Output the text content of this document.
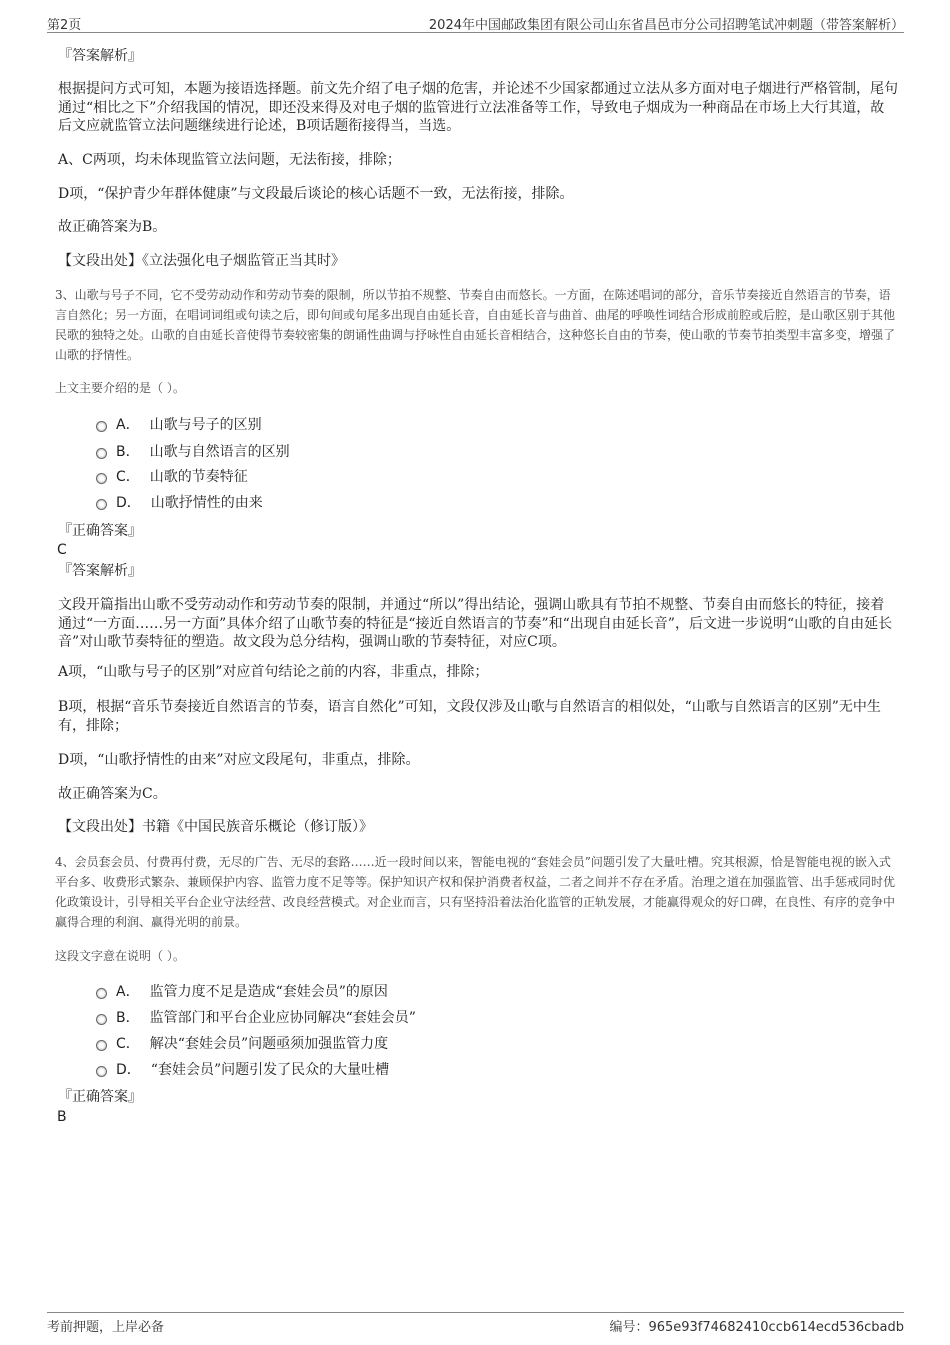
第2页	2024年中国邮政集团有限公司山东省昌邑市分公司招聘笔试冲刺题（带答案解析）
『答案解析』
根据提问方式可知，本题为接语选择题。前文先介绍了电子烟的危害，并论述不少国家都通过立法从多方面对电子烟进行严格管制，尾句通过“相比之下”介绍我国的情况，即还没来得及对电子烟的监管进行立法准备等工作，导致电子烟成为一种商品在市场上大行其道，故后文应就监管立法问题继续进行论述，B项话题衔接得当，当选。
A、C两项，均未体现监管立法问题，无法衔接，排除；
D项，“保护青少年群体健康”与文段最后谈论的核心话题不一致，无法衔接，排除。
故正确答案为B。
【文段出处】《立法强化电子烟监管正当其时》
3、山歌与号子不同，它不受劳动动作和劳动节奏的限制，所以节拍不规整、节奏自由而悠长。一方面，在陈述唱词的部分，音乐节奏接近自然语言的节奏，语言自然化；另一方面，在唱词词组或句读之后，即句间或句尾多出现自由延长音，自由延长音与曲首、曲尾的呼唤性词结合形成前腔或后腔，是山歌区别于其他民歌的独特之处。山歌的自由延长音使得节奏较密集的朗诵性曲调与抒咏性自由延长音相结合，这种悠长自由的节奏，使山歌的节奏节拍类型丰富多变，增强了山歌的抒情性。
上文主要介绍的是（ ）。
A． 山歌与号子的区别
B． 山歌与自然语言的区别
C． 山歌的节奏特征
D． 山歌抒情性的由来
『正确答案』
C
『答案解析』
文段开篇指出山歌不受劳动动作和劳动节奏的限制，并通过“所以”得出结论，强调山歌具有节拍不规整、节奏自由而悠长的特征，接着通过“一方面……另一方面”具体介绍了山歌节奏的特征是“接近自然语言的节奏”和“出现自由延长音”，后文进一步说明“山歌的自由延长音”对山歌节奏特征的塑造。故文段为总分结构，强调山歌的节奏特征，对应C项。
A项，“山歌与号子的区别”对应首句结论之前的内容，非重点，排除；
B项，根据“音乐节奏接近自然语言的节奏，语言自然化”可知，文段仅涉及山歌与自然语言的相似处，“山歌与自然语言的区别”无中生有，排除；
D项，“山歌抒情性的由来”对应文段尾句，非重点，排除。
故正确答案为C。
【文段出处】书籍《中国民族音乐概论（修订版）》
4、会员套会员、付费再付费，无尽的广告、无尽的套路……近一段时间以来，智能电视的“套娃会员”问题引发了大量吐槽。究其根源，恰是智能电视的嵌入式平台多、收费形式繁杂、兼顾保护内容、监管力度不足等等。保护知识产权和保护消费者权益，二者之间并不存在矛盾。治理之道在加强监管、出手惩戒同时优化政策设计，引导相关平台企业守法经营、改良经营模式。对企业而言，只有坚持沿着法治化监管的正轨发展，才能赢得观众的好口碑，在良性、有序的竞争中赢得合理的利润、赢得光明的前景。
这段文字意在说明（ ）。
A． 监管力度不足是造成“套娃会员”的原因
B． 监管部门和平台企业应协同解决“套娃会员”
C． 解决“套娃会员”问题亟须加强监管力度
D． “套娃会员”问题引发了民众的大量吐槽
『正确答案』
B
考前押题，上岸必备	编号：965e93f74682410ccb614ecd536cbadb
